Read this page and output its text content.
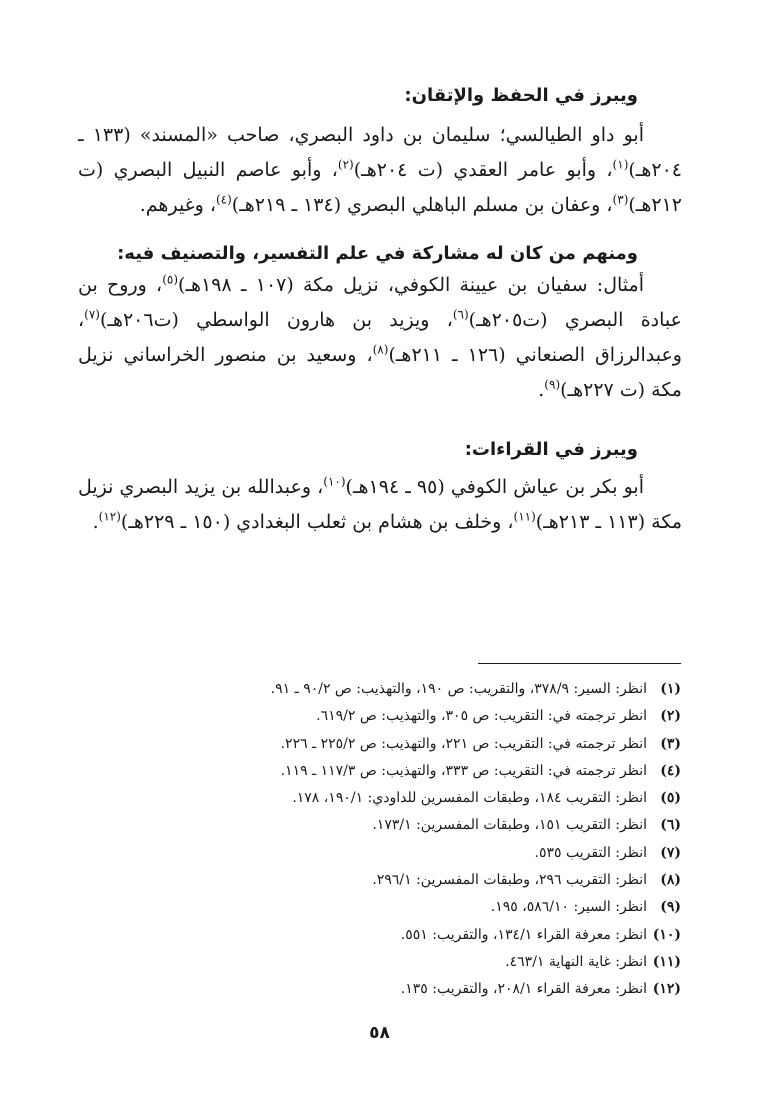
ويبرز في الحفظ والإتقان:

أبو داو الطيالسي؛ سليمان بن داود البصري، صاحب «المسند» (١٣٣ ـ ٢٠٤هـ)$^{(١)}$، وأبو عامر العقدي (ت ٢٠٤هـ)$^{(٢)}$، وأبو عاصم النبيل البصري (ت ٢١٢هـ)$^{(٣)}$، وعفان بن مسلم الباهلي البصري (١٣٤ ـ ٢١٩هـ)$^{(٤)}$، وغيرهم.

ومنهم من كان له مشاركة في علم التفسير، والتصنيف فيه:

أمثال: سفيان بن عيينة الكوفي، نزيل مكة (١٠٧ ـ ١٩٨هـ)$^{(٥)}$، وروح بن عبادة البصري (ت٢٠٥هـ)$^{(٦)}$، ويزيد بن هارون الواسطي (ت٢٠٦هـ)$^{(٧)}$، وعبدالرزاق الصنعاني (١٢٦ ـ ٢١١هـ)$^{(٨)}$، وسعيد بن منصور الخراساني نزيل مكة (ت ٢٢٧هـ)$^{(٩)}$.

ويبرز في القراءات:

أبو بكر بن عياش الكوفي (٩٥ ـ ١٩٤هـ)$^{(١٠)}$، وعبدالله بن يزيد البصري نزيل مكة (١١٣ ـ ٢١٣هـ)$^{(١١)}$، وخلف بن هشام بن ثعلب البغدادي (١٥٠ ـ ٢٢٩هـ)$^{(١٢)}$.

(١)انظر: السير: ٣٧٨/٩، والتقريب: ص ١٩٠، والتهذيب: ص ٩٠/٢ ـ ٩١.
(٢)انظر ترجمته في: التقريب: ص ٣٠٥، والتهذيب: ص ٦١٩/٢.
(٣)انظر ترجمته في: التقريب: ص ٢٢١، والتهذيب: ص ٢٢٥/٢ ـ ٢٢٦.
(٤)انظر ترجمته في: التقريب: ص ٣٣٣، والتهذيب: ص ١١٧/٣ ـ ١١٩.
(٥)انظر: التقريب ١٨٤، وطبقات المفسرين للداودي: ١٩٠/١، ١٧٨.
(٦)انظر: التقريب ١٥١، وطبقات المفسرين: ١٧٣/١.
(٧)انظر: التقريب ٥٣٥.
(٨)انظر: التقريب ٢٩٦، وطبقات المفسرين: ٢٩٦/١.
(٩)انظر: السير: ٥٨٦/١٠، ١٩٥.
(١٠)انظر: معرفة القراء ١٣٤/١، والتقريب: ٥٥١.
(١١)انظر: غاية النهاية ٤٦٣/١.
(١٢)انظر: معرفة القراء ٢٠٨/١، والتقريب: ١٣٥.
٥٨
